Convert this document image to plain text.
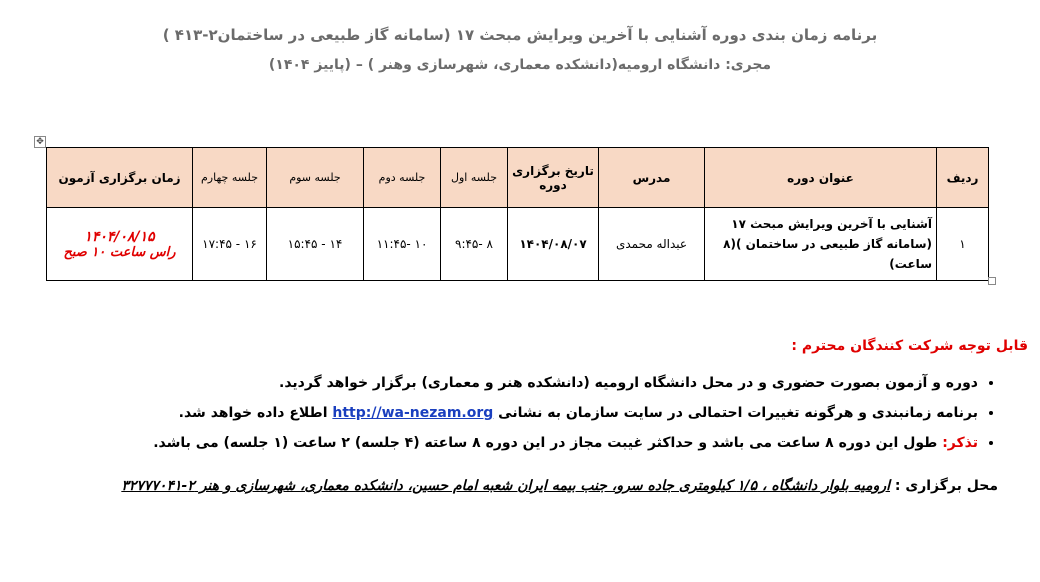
برنامه زمان بندی دوره آشنایی با آخرین ویرایش مبحث ۱۷ (سامانه گاز طبیعی در ساختمان۲-۴۱۳ )
مجری: دانشگاه ارومیه(دانشکده معماری، شهرسازی وهنر ) – (پاییز ۱۴۰۴)
✥
ردیف	عنوان دوره	مدرس	تاریخ برگزاری دوره	جلسه اول	جلسه دوم	جلسه سوم	جلسه چهارم	زمان برگزاری آزمون
۱	آشنایی با آخرین ویرایش مبحث ۱۷ (سامانه گاز طبیعی در ساختمان )(۸ ساعت)	عبداله محمدی	۱۴۰۴/۰۸/۰۷	۸ -۹:۴۵	۱۰ -۱۱:۴۵	۱۴ - ۱۵:۴۵	۱۶ - ۱۷:۴۵	۱۴۰۴/۰۸/۱۵
راس ساعت ۱۰ صبح
قابل توجه شرکت کنندگان محترم :
• دوره و آزمون بصورت حضوری و در محل دانشگاه ارومیه (دانشکده هنر و معماری) برگزار خواهد گردید.
• برنامه زمانبندی و هرگونه تغییرات احتمالی در سایت سازمان به نشانی http://wa-nezam.org اطلاع داده خواهد شد.
• تذکر: طول این دوره ۸ ساعت می باشد و حداکثر غیبت مجاز در این دوره ۸ ساعته (۴ جلسه) ۲ ساعت (۱ جلسه) می باشد.
محل برگزاری : ارومیه بلوار دانشگاه ، ۱/۵ کیلومتری جاده سرو، جنب بیمه ایران شعبه امام حسین، دانشکده معماری، شهرسازی و هنر ۲-۳۲۷۷۷۰۴۱
